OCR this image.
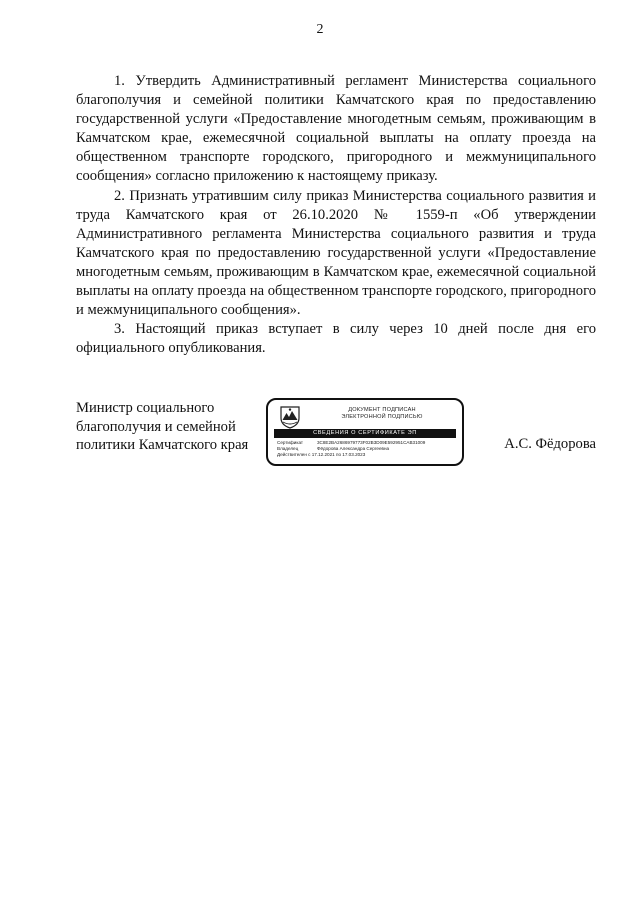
2

1. Утвердить Административный регламент Министерства социального благополучия и семейной политики Камчатского края по предоставлению государственной услуги «Предоставление многодетным семьям, проживающим в Камчатском крае, ежемесячной социальной выплаты на оплату проезда на общественном транспорте городского, пригородного и межмуниципального сообщения» согласно приложению к настоящему приказу.

2. Признать утратившим силу приказ Министерства социального развития и труда Камчатского края от 26.10.2020 № 1559-п «Об утверждении Административного регламента Министерства социального развития и труда Камчатского края по предоставлению государственной услуги «Предоставление многодетным семьям, проживающим в Камчатском крае, ежемесячной социальной выплаты на оплату проезда на общественном транспорте городского, пригородного и межмуниципального сообщения».

3. Настоящий приказ вступает в силу через 10 дней после дня его официального опубликования.

Министр социального
благополучия и семейной
политики Камчатского края
ДОКУМЕНТ ПОДПИСАН
ЭЛЕКТРОННОЙ ПОДПИСЬЮ
СВЕДЕНИЯ О СЕРТИФИКАТЕ ЭП
Сертификат	3C8E2BA2686979773F02B3D09E592951CAB31009
Владелец	Фёдорова Александра Сергеевна
Действителен с 17.12.2021 по 17.03.2023
А.С. Фёдорова
